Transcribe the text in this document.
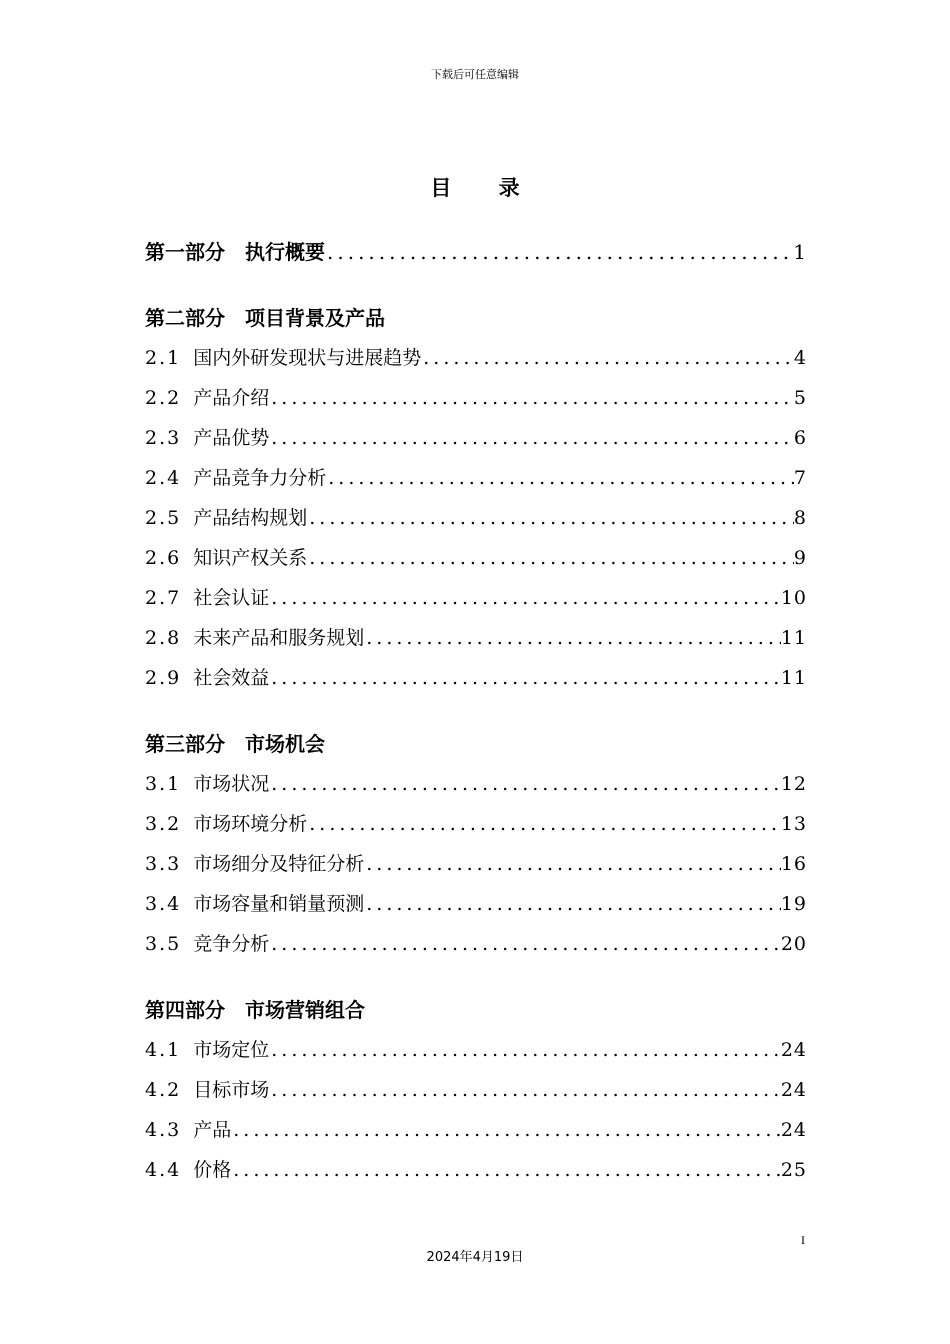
下载后可任意编辑
目 录
第一部分　执行概要 .....	1
第二部分　项目背景及产品
2.1 国内外研发现状与进展趋势 .....	4
2.2 产品介绍 .....	5
2.3 产品优势 .....	6
2.4 产品竞争力分析 .....	7
2.5 产品结构规划 .....	8
2.6 知识产权关系 .....	9
2.7 社会认证 .....	10
2.8 未来产品和服务规划 .....	11
2.9 社会效益 .....	11
第三部分　市场机会
3.1 市场状况 .....	12
3.2 市场环境分析 .....	13
3.3 市场细分及特征分析 .....	16
3.4 市场容量和销量预测 .....	19
3.5 竞争分析 .....	20
第四部分　市场营销组合
4.1 市场定位 .....	24
4.2 目标市场 .....	24
4.3 产品 .....	24
4.4 价格 .....	25
I
2024年4月19日
